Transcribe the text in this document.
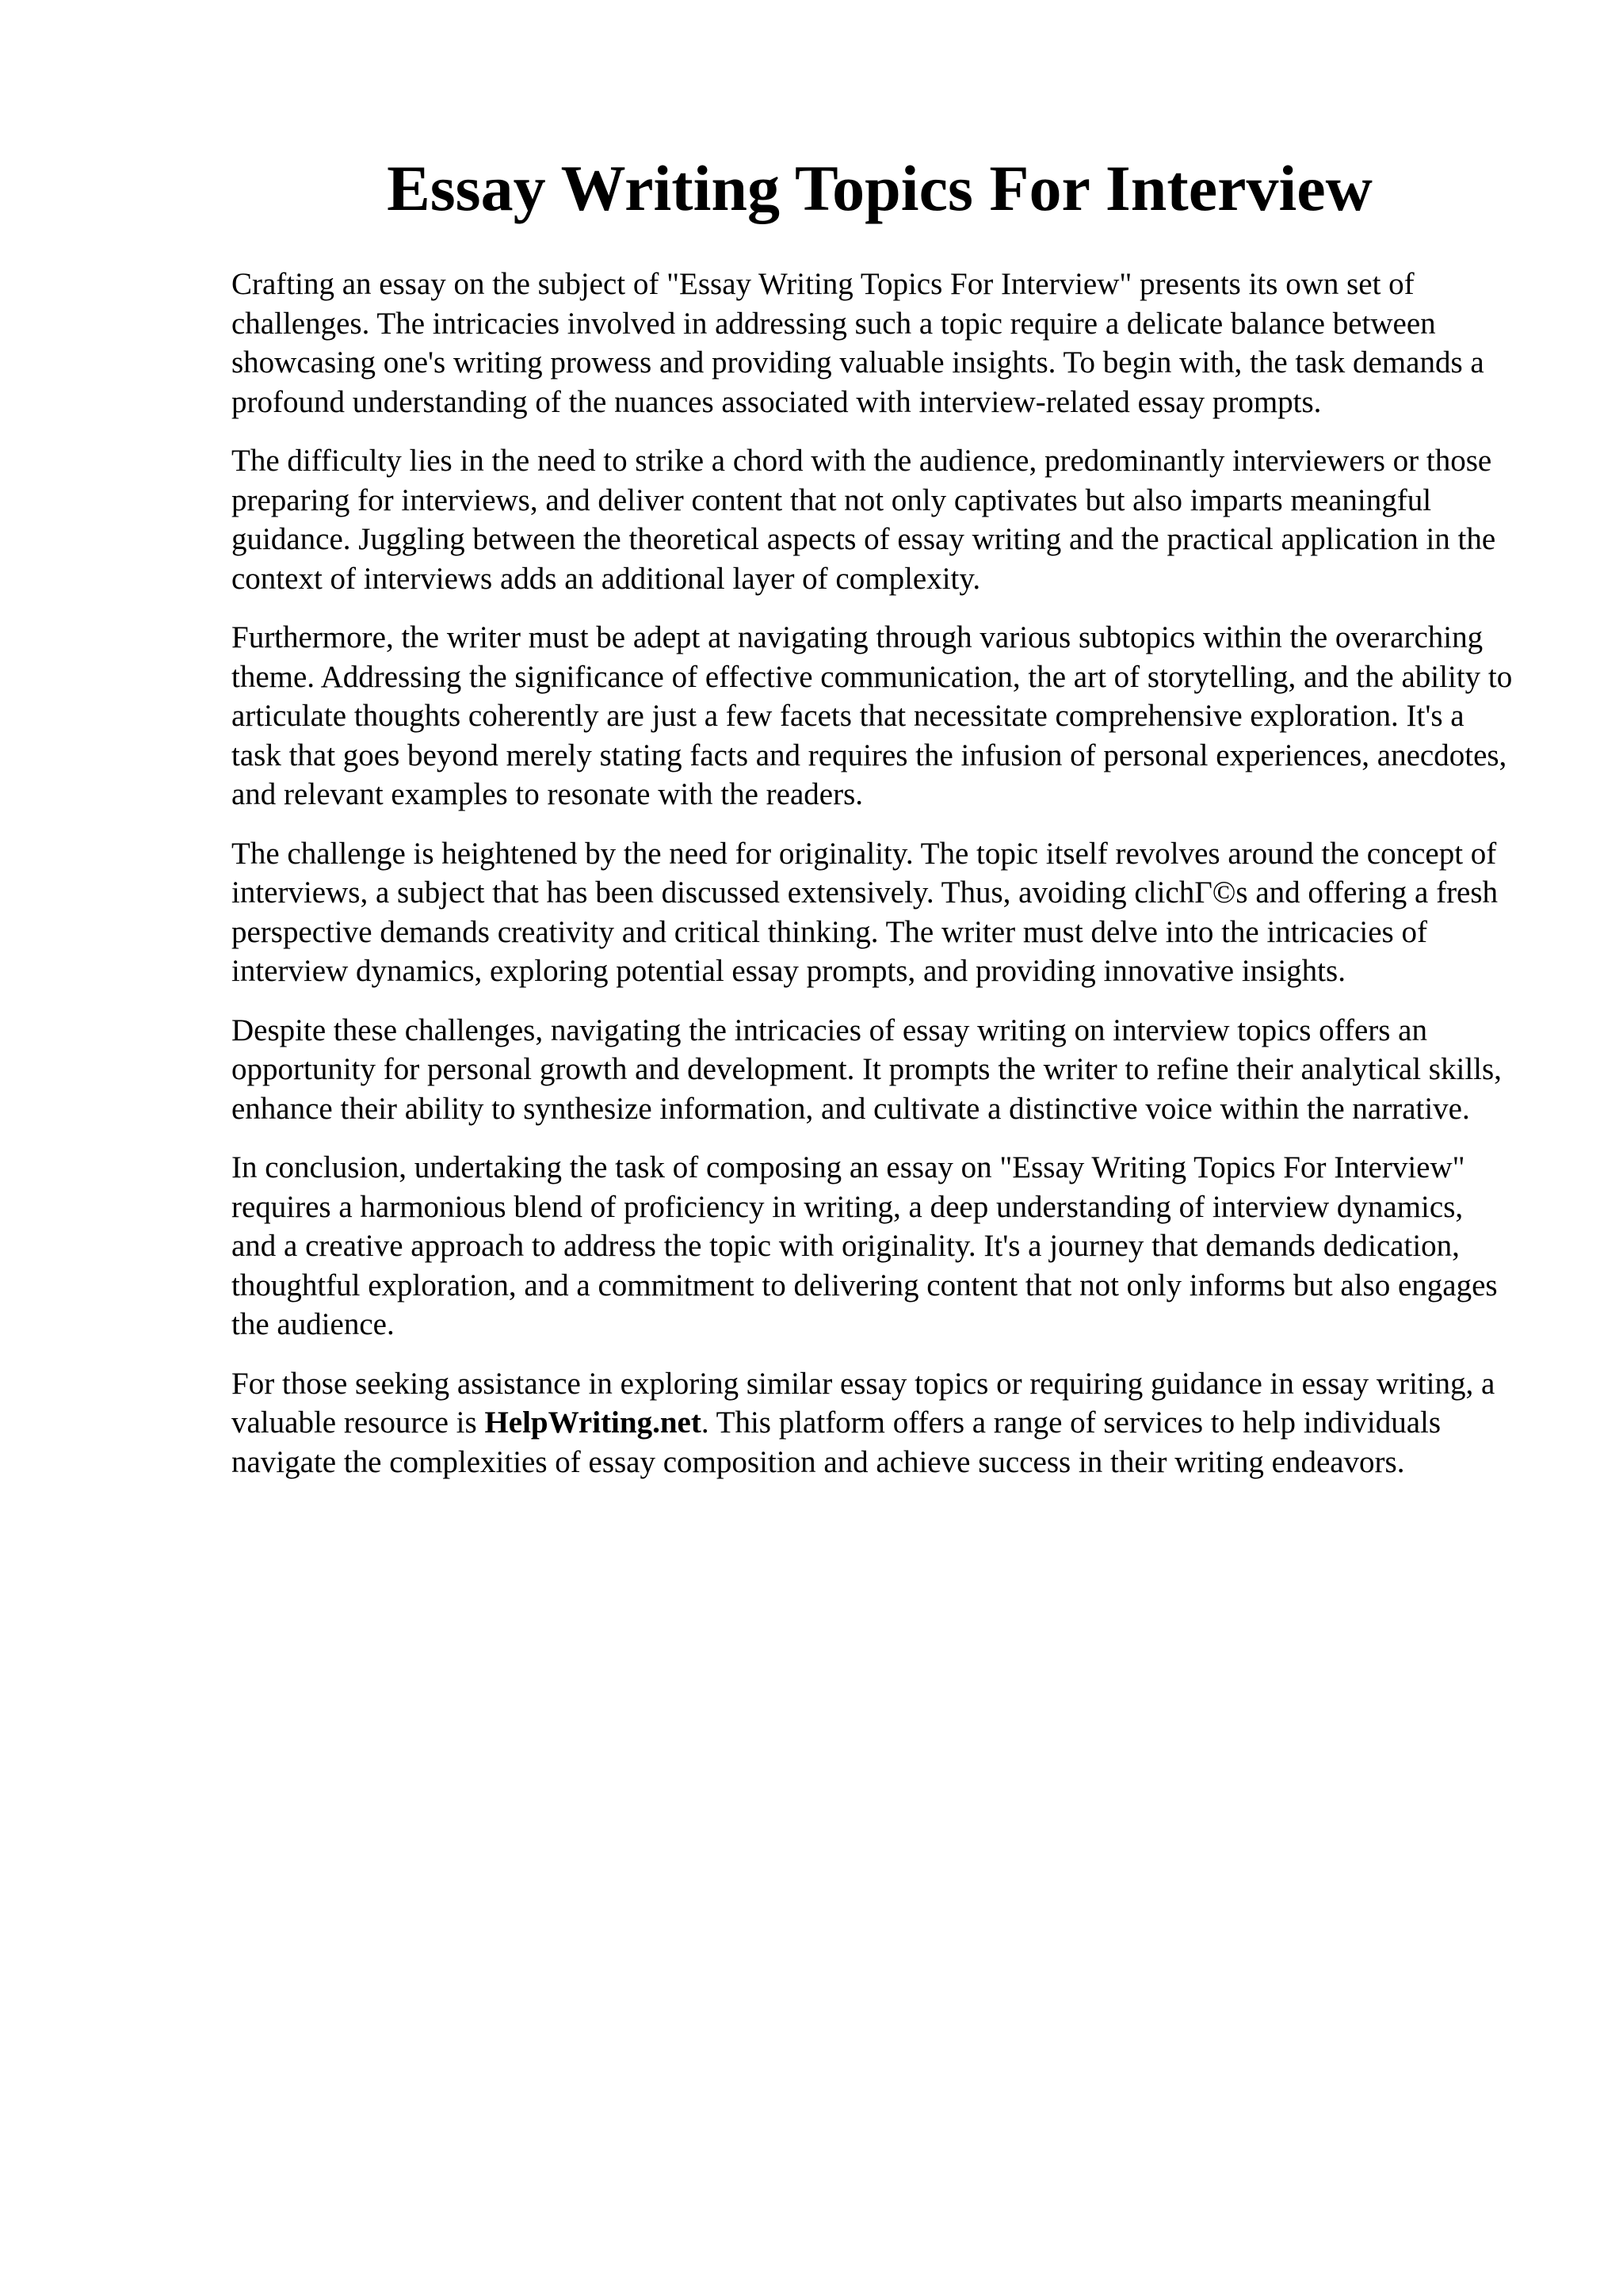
Essay Writing Topics For Interview

Crafting an essay on the subject of "Essay Writing Topics For Interview" presents its own set of challenges. The intricacies involved in addressing such a topic require a delicate balance between showcasing one's writing prowess and providing valuable insights. To begin with, the task demands a profound understanding of the nuances associated with interview-related essay prompts.

The difficulty lies in the need to strike a chord with the audience, predominantly interviewers or those preparing for interviews, and deliver content that not only captivates but also imparts meaningful guidance. Juggling between the theoretical aspects of essay writing and the practical application in the context of interviews adds an additional layer of complexity.

Furthermore, the writer must be adept at navigating through various subtopics within the overarching theme. Addressing the significance of effective communication, the art of storytelling, and the ability to articulate thoughts coherently are just a few facets that necessitate comprehensive exploration. It's a task that goes beyond merely stating facts and requires the infusion of personal experiences, anecdotes, and relevant examples to resonate with the readers.

The challenge is heightened by the need for originality. The topic itself revolves around the concept of interviews, a subject that has been discussed extensively. Thus, avoiding clichΓ©s and offering a fresh perspective demands creativity and critical thinking. The writer must delve into the intricacies of interview dynamics, exploring potential essay prompts, and providing innovative insights.

Despite these challenges, navigating the intricacies of essay writing on interview topics offers an opportunity for personal growth and development. It prompts the writer to refine their analytical skills, enhance their ability to synthesize information, and cultivate a distinctive voice within the narrative.

In conclusion, undertaking the task of composing an essay on "Essay Writing Topics For Interview" requires a harmonious blend of proficiency in writing, a deep understanding of interview dynamics, and a creative approach to address the topic with originality. It's a journey that demands dedication, thoughtful exploration, and a commitment to delivering content that not only informs but also engages the audience.

For those seeking assistance in exploring similar essay topics or requiring guidance in essay writing, a valuable resource is HelpWriting.net. This platform offers a range of services to help individuals navigate the complexities of essay composition and achieve success in their writing endeavors.
